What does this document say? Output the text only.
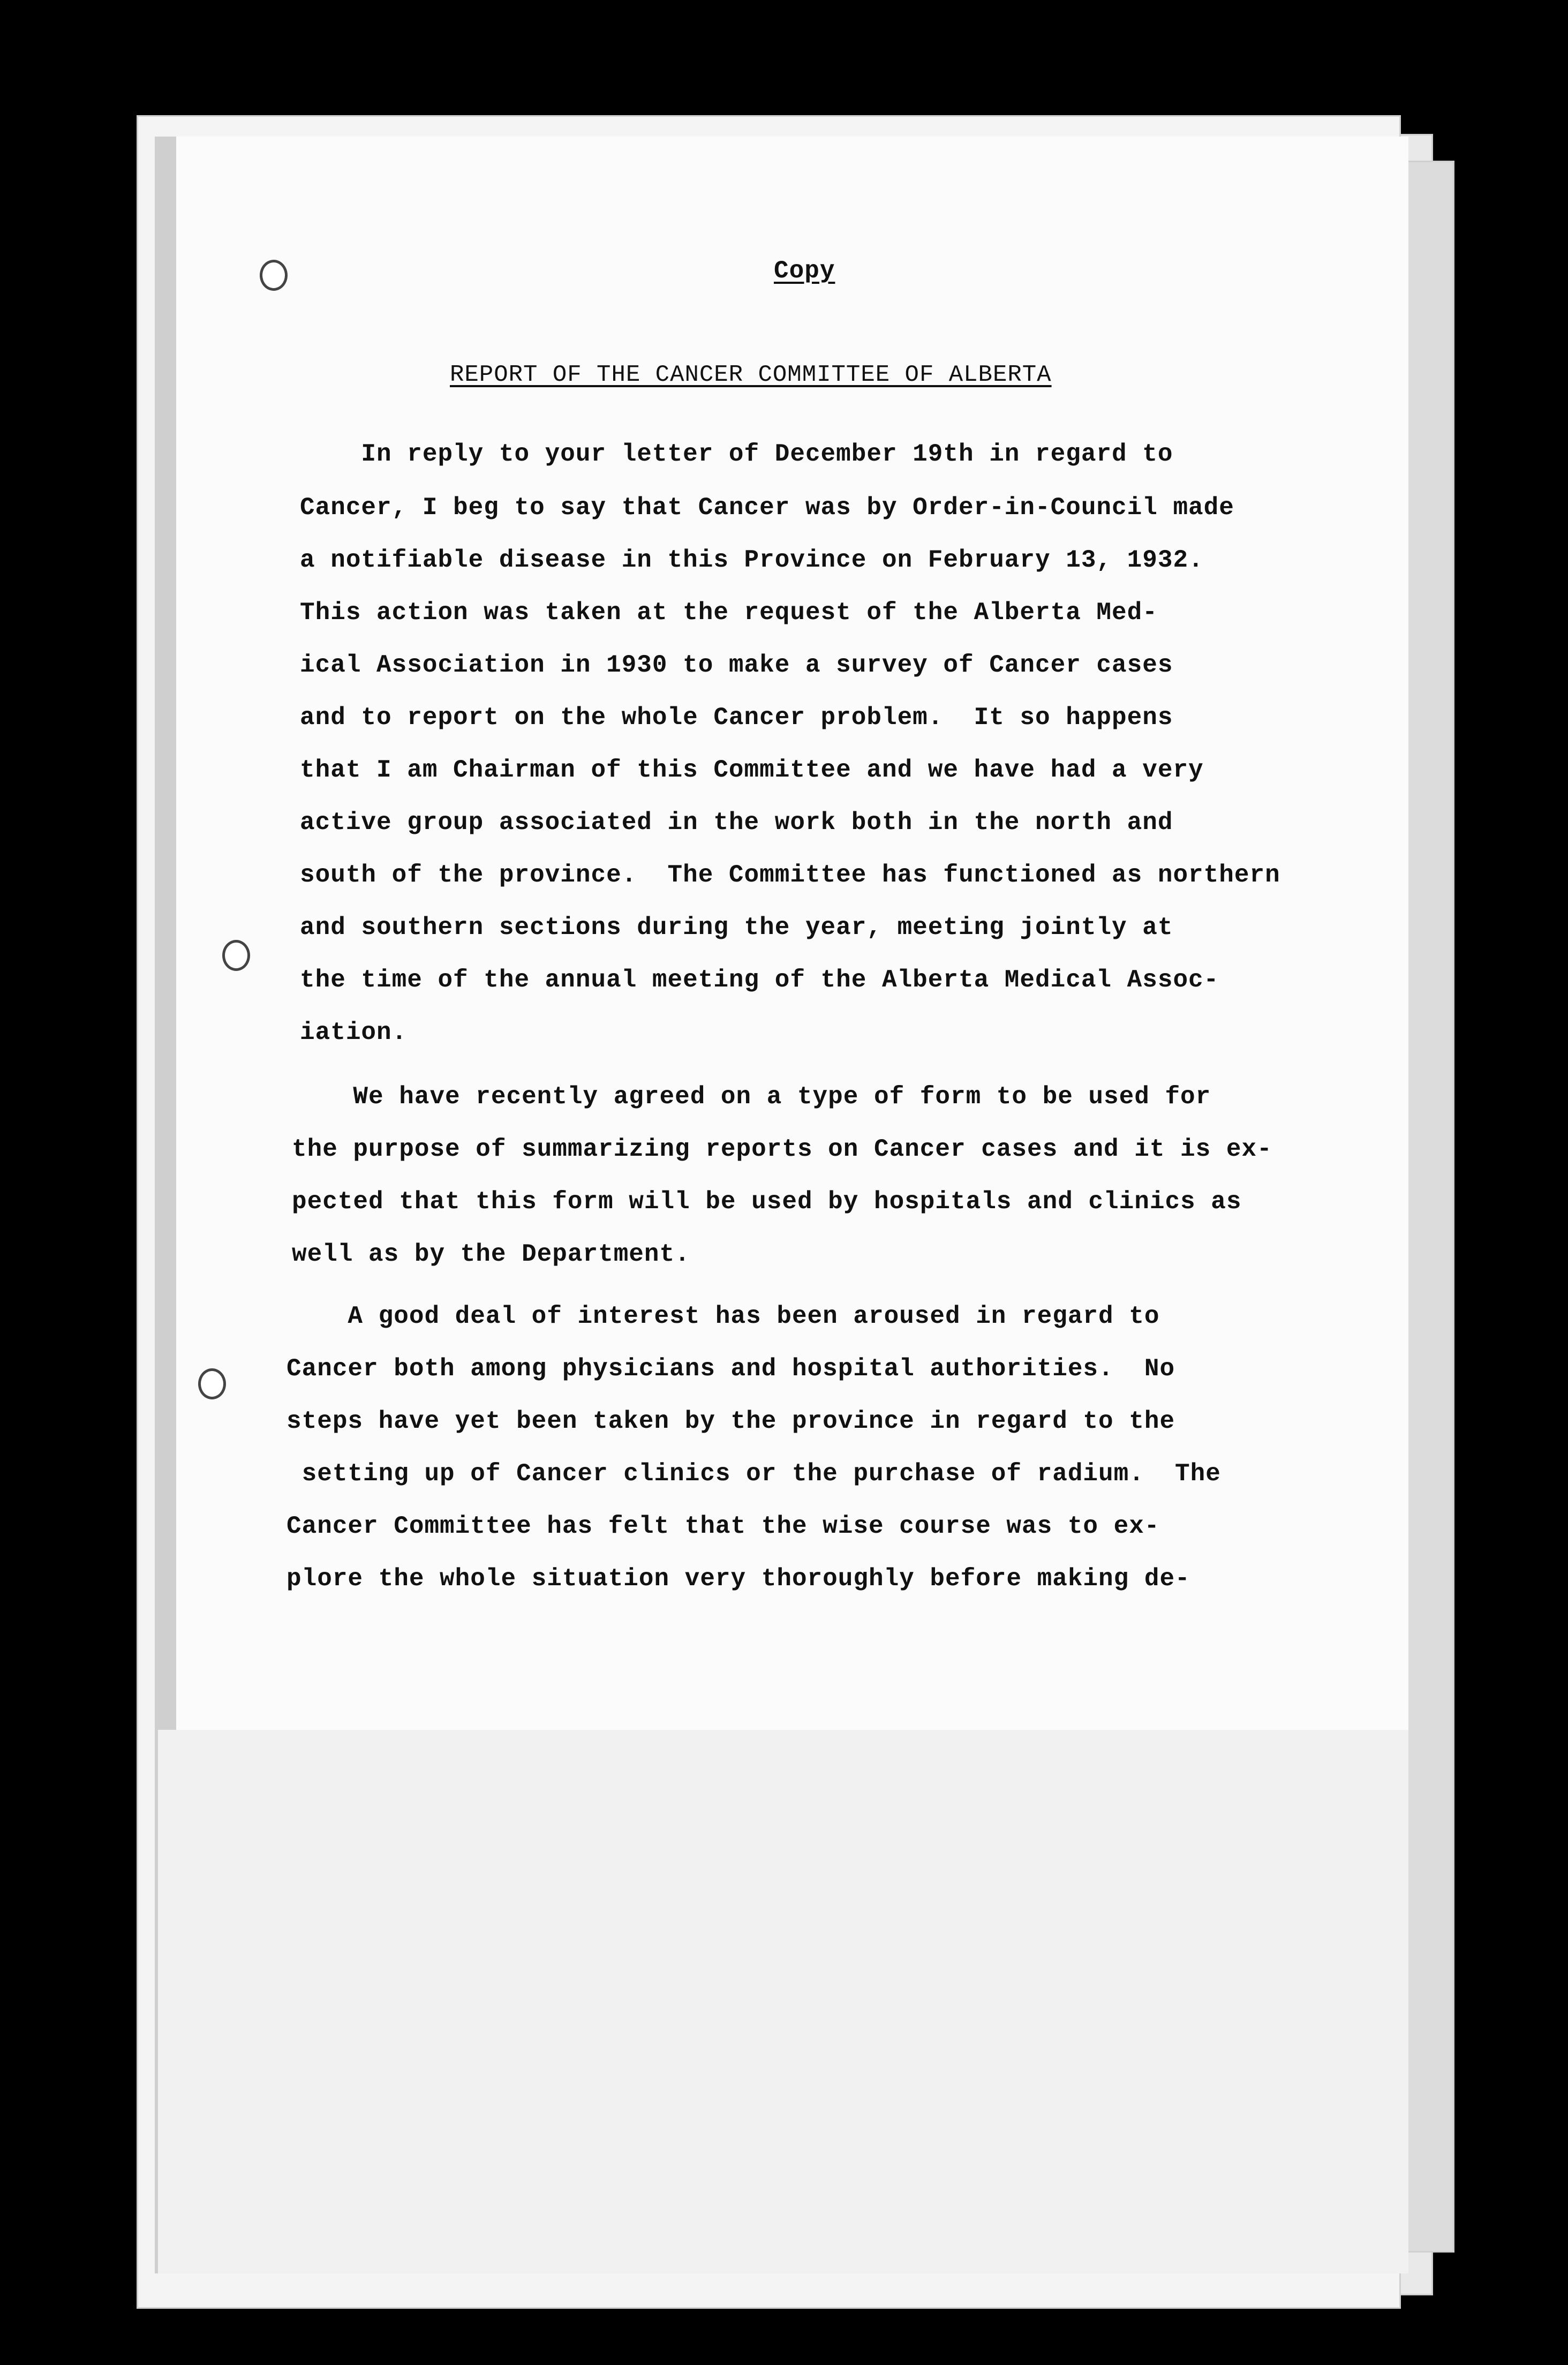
Copy
REPORT OF THE CANCER COMMITTEE OF ALBERTA
In reply to your letter of December 19th in regard to
Cancer, I beg to say that Cancer was by Order-in-Council made
a notifiable disease in this Province on February 13, 1932.
This action was taken at the request of the Alberta Med-
ical Association in 1930 to make a survey of Cancer cases
and to report on the whole Cancer problem.  It so happens
that I am Chairman of this Committee and we have had a very
active group associated in the work both in the north and
south of the province.  The Committee has functioned as northern
and southern sections during the year, meeting jointly at
the time of the annual meeting of the Alberta Medical Assoc-
iation.
We have recently agreed on a type of form to be used for
the purpose of summarizing reports on Cancer cases and it is ex-
pected that this form will be used by hospitals and clinics as
well as by the Department.
A good deal of interest has been aroused in regard to
Cancer both among physicians and hospital authorities.  No
steps have yet been taken by the province in regard to the
setting up of Cancer clinics or the purchase of radium.  The
Cancer Committee has felt that the wise course was to ex-
plore the whole situation very thoroughly before making de-
